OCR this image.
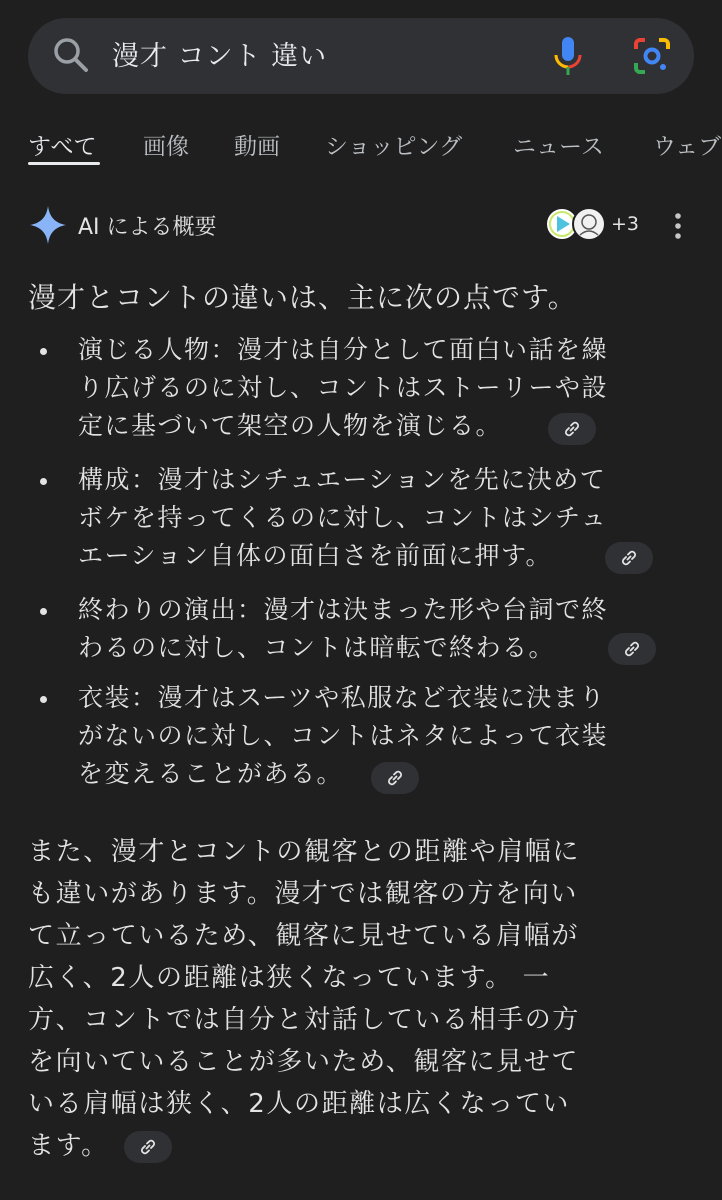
漫才 コント 違い
すべて 画像 動画 ショッピング ニュース ウェブ
AI による概要	+3
漫才とコントの違いは、主に次の点です。
演じる人物：漫才は自分として面白い話を繰
り広げるのに対し、コントはストーリーや設
定に基づいて架空の人物を演じる。
構成：漫才はシチュエーションを先に決めて
ボケを持ってくるのに対し、コントはシチュ
エーション自体の面白さを前面に押す。
終わりの演出：漫才は決まった形や台詞で終
わるのに対し、コントは暗転で終わる。
衣装：漫才はスーツや私服など衣装に決まり
がないのに対し、コントはネタによって衣装
を変えることがある。
また、漫才とコントの観客との距離や肩幅に
も違いがあります。漫才では観客の方を向い
て立っているため、観客に見せている肩幅が
広く、2人の距離は狭くなっています。 一
方、コントでは自分と対話している相手の方
を向いていることが多いため、観客に見せて
いる肩幅は狭く、2人の距離は広くなってい
ます。
